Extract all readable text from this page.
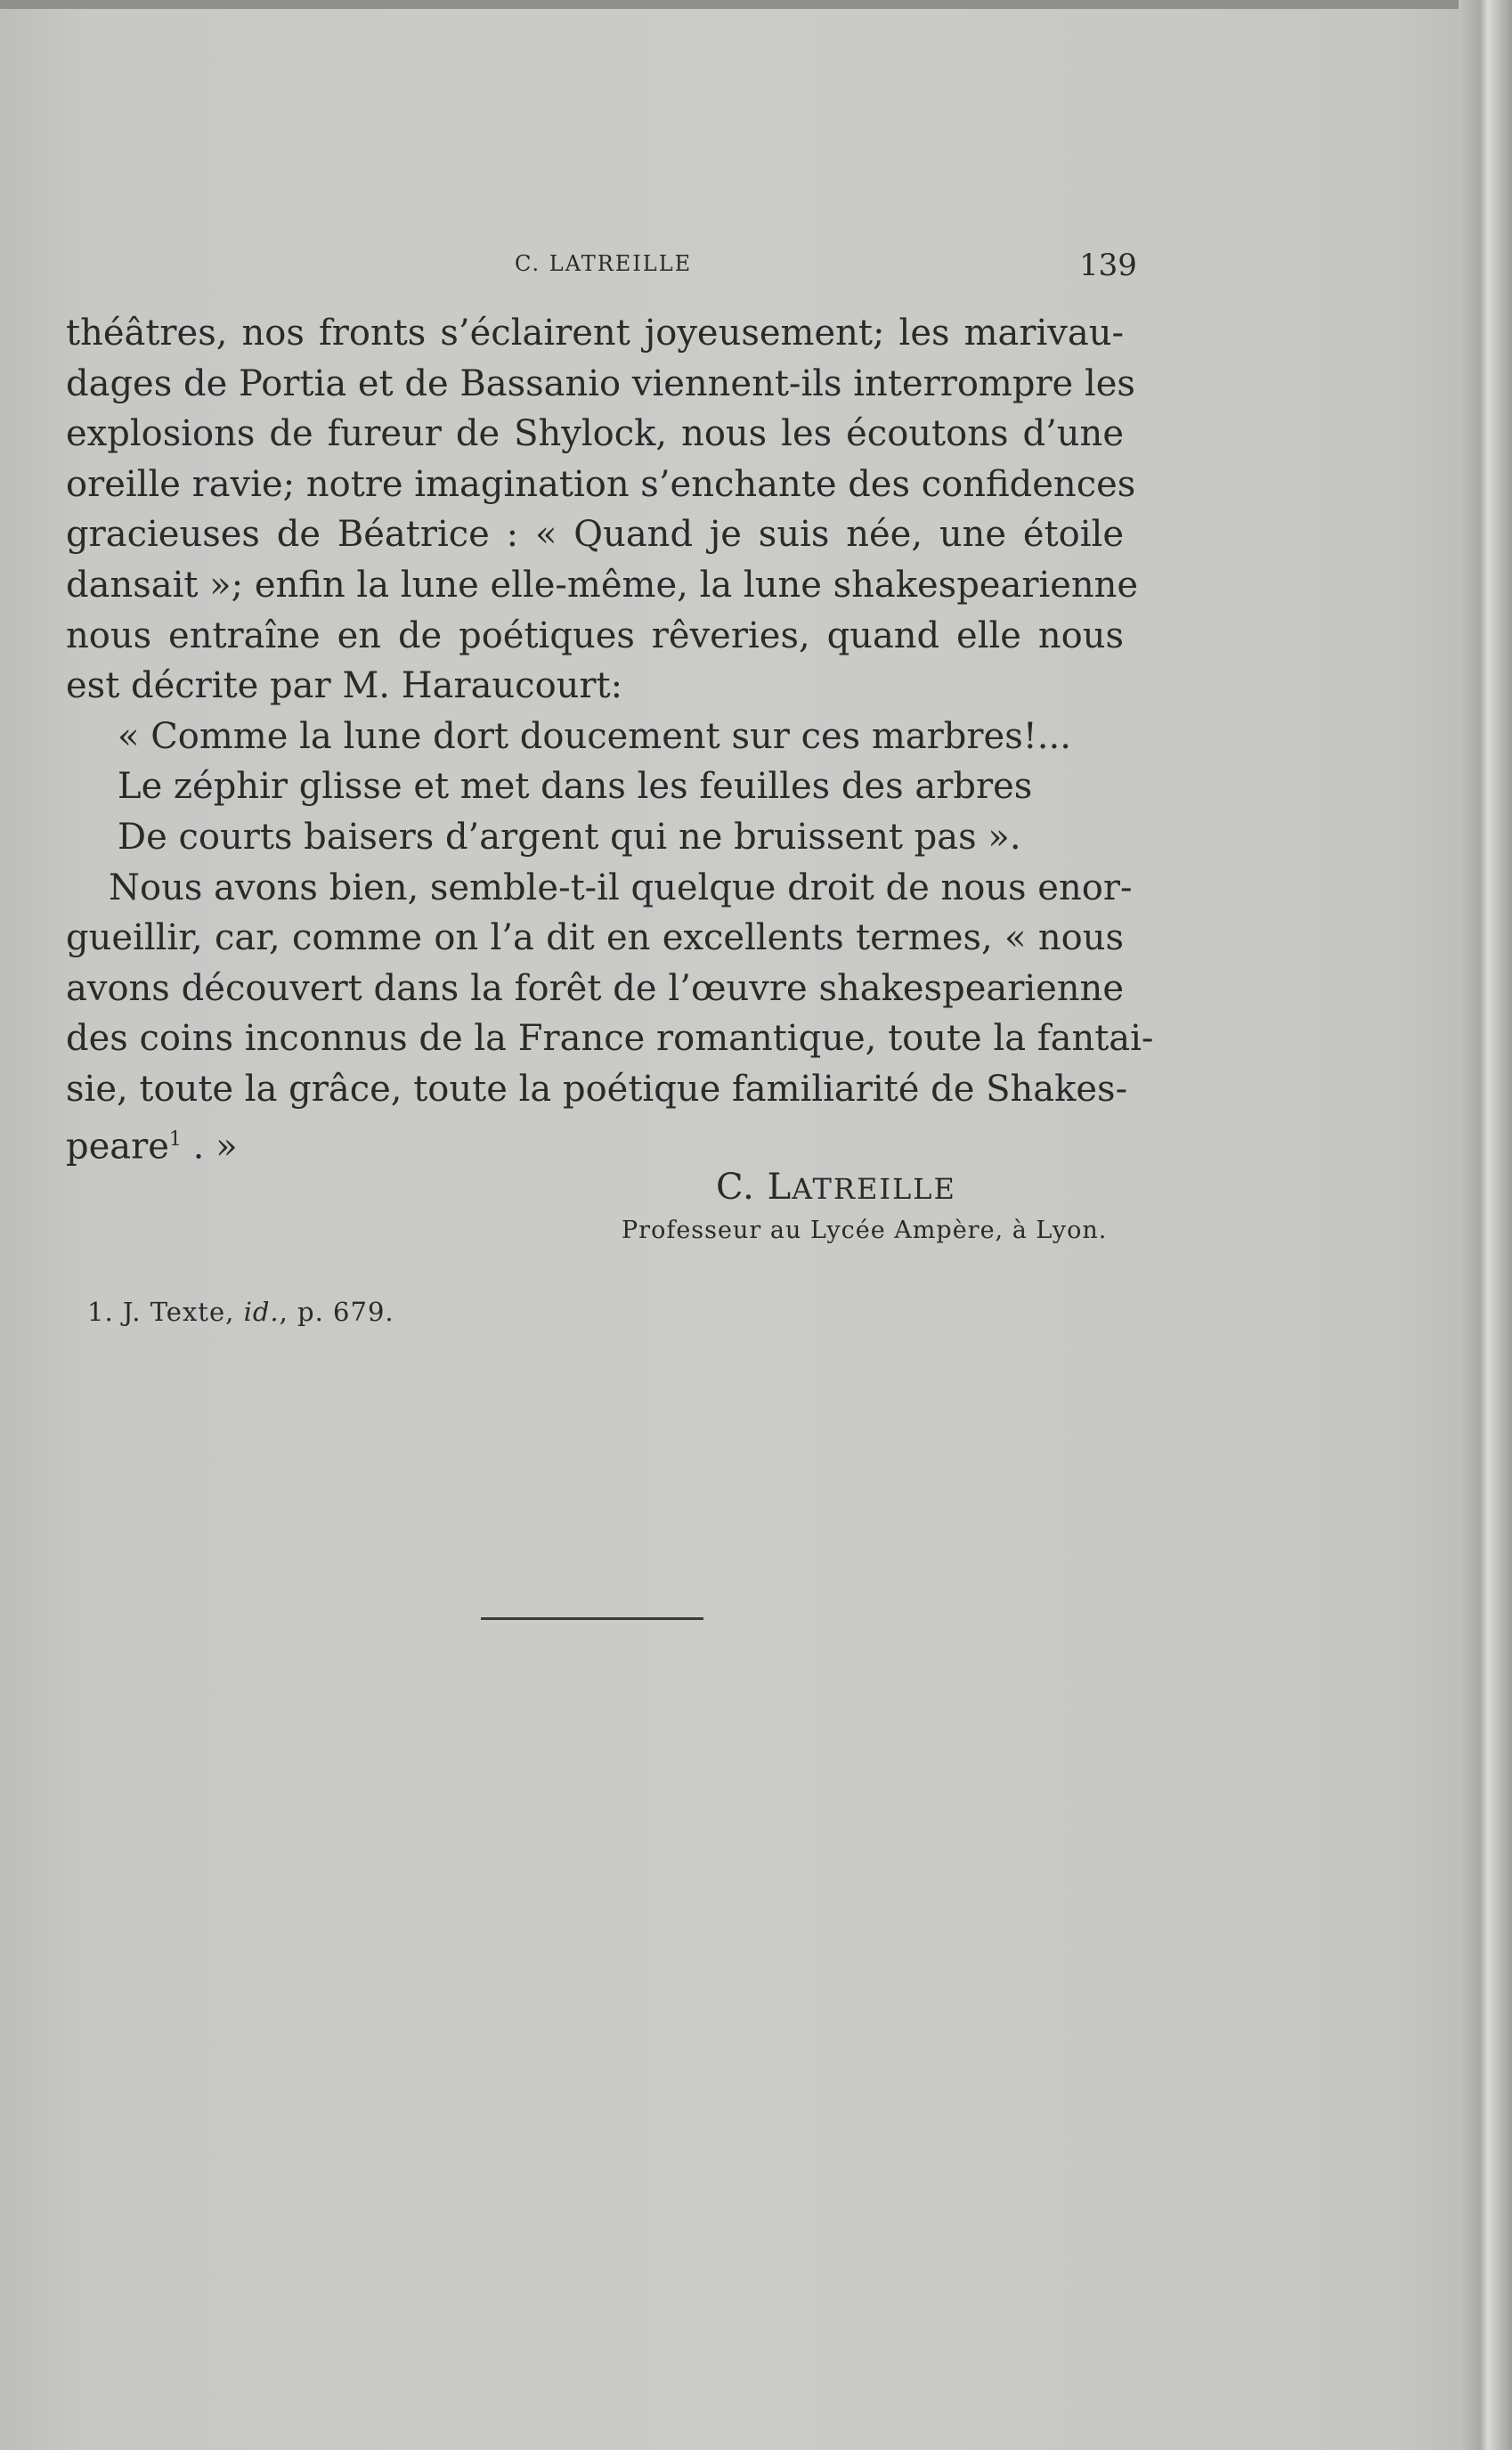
C. LATREILLE	139
théâtres, nos fronts s’éclairent joyeusement; les marivau-
dages de Portia et de Bassanio viennent-ils interrompre les
explosions de fureur de Shylock, nous les écoutons d’une
oreille ravie; notre imagination s’enchante des confidences
gracieuses de Béatrice : « Quand je suis née, une étoile
dansait »; enfin la lune elle-même, la lune shakespearienne
nous entraîne en de poétiques rêveries, quand elle nous
est décrite par M. Haraucourt:
« Comme la lune dort doucement sur ces marbres!...
Le zéphir glisse et met dans les feuilles des arbres
De courts baisers d’argent qui ne bruissent pas ».
Nous avons bien, semble-t-il quelque droit de nous enor-
gueillir, car, comme on l’a dit en excellents termes, « nous
avons découvert dans la forêt de l’œuvre shakespearienne
des coins inconnus de la France romantique, toute la fantai-
sie, toute la grâce, toute la poétique familiarité de Shakes-
peare$^1$ . »
C. LATREILLE
Professeur au Lycée Ampère, à Lyon.
1. J. Texte, id., p. 679.
